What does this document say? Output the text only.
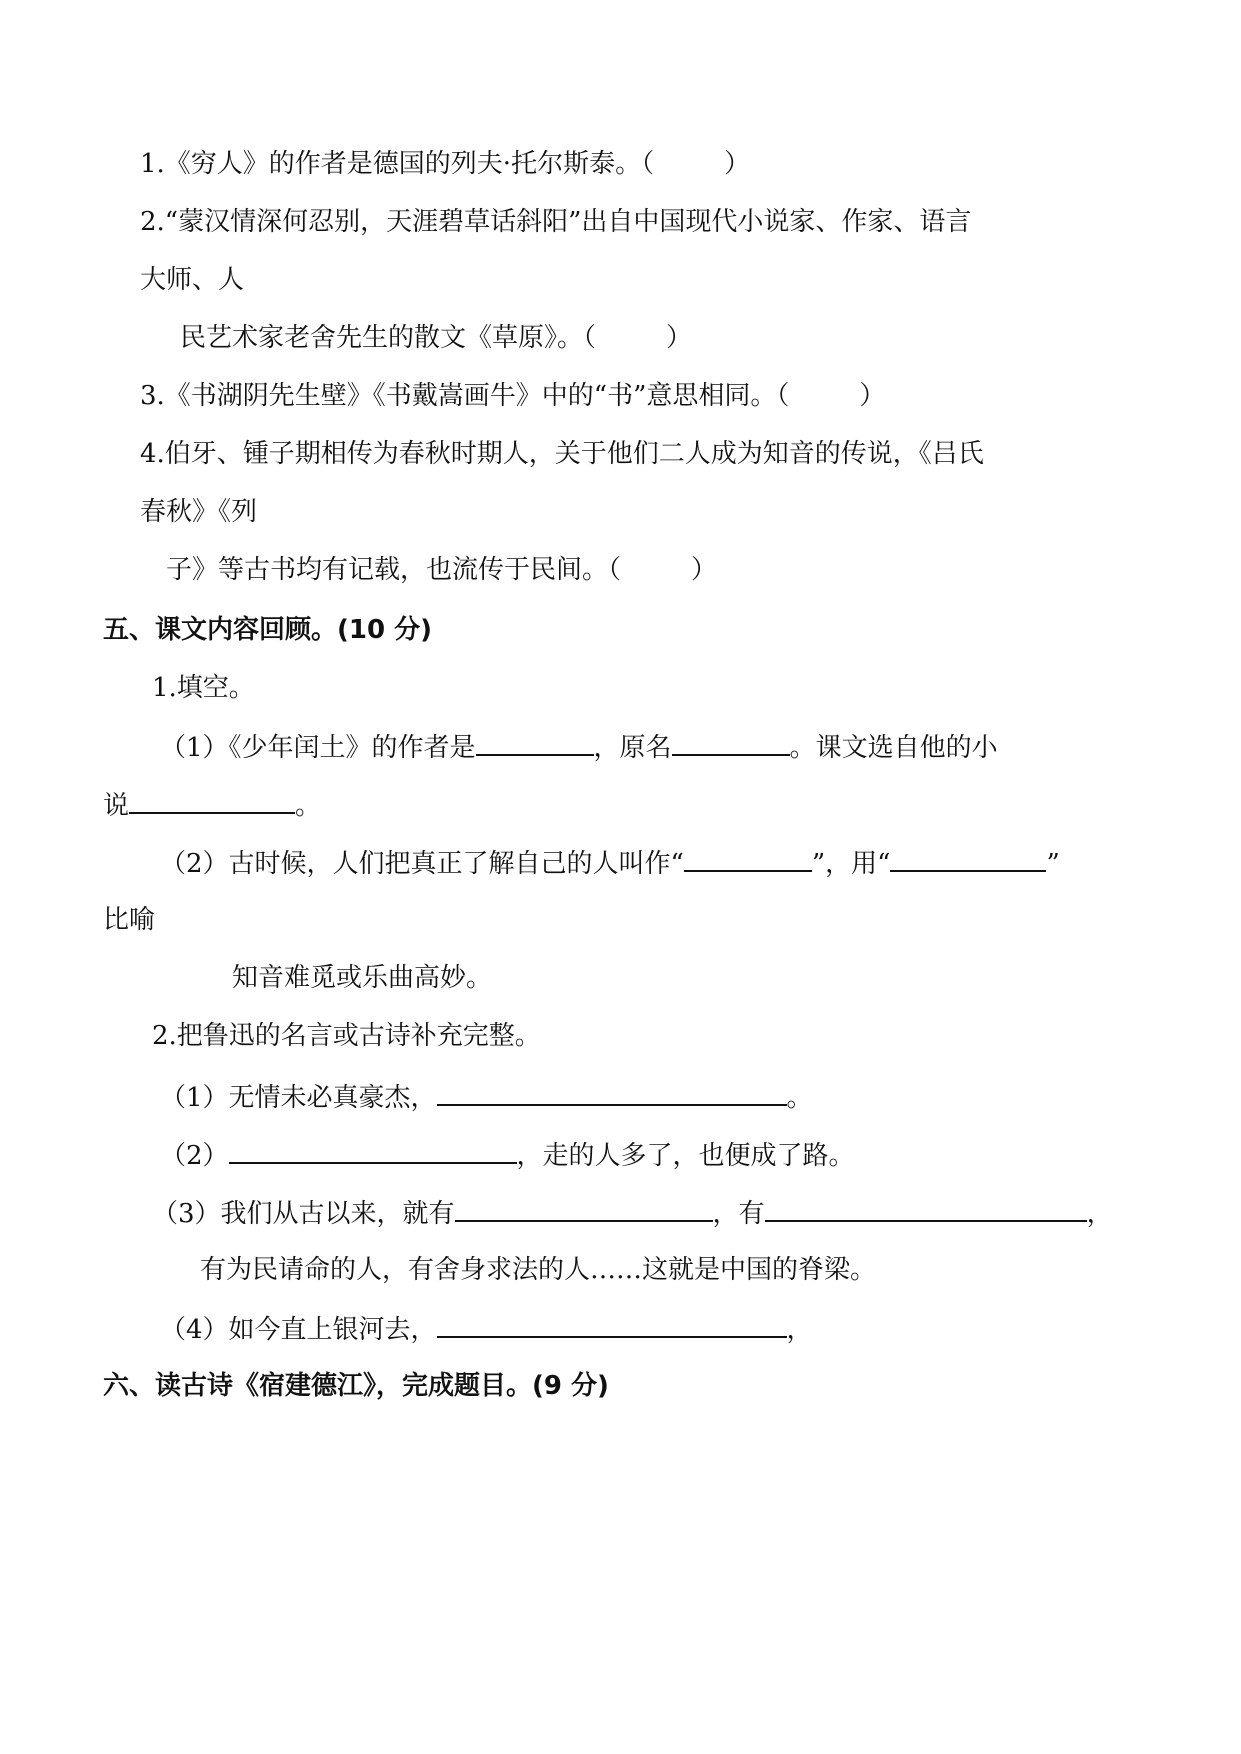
1.《穷人》的作者是德国的列夫·托尔斯泰。（	）
2.“蒙汉情深何忍别，天涯碧草话斜阳”出自中国现代小说家、作家、语言
大师、人
民艺术家老舍先生的散文《草原》。（	）
3.《书湖阴先生壁》《书戴嵩画牛》中的“书”意思相同。（	）
4.伯牙、锺子期相传为春秋时期人，关于他们二人成为知音的传说，《吕氏
春秋》《列
子》等古书均有记载，也流传于民间。（	）
五、课文内容回顾。(10 分)
1.填空。
（1）《少年闰土》的作者是	，原名	。课文选自他的小
说	。
（2）古时候，人们把真正了解自己的人叫作“	”，用“	”
比喻
知音难觅或乐曲高妙。
2.把鲁迅的名言或古诗补充完整。
（1）无情未必真豪杰，	。
（2）	，走的人多了，也便成了路。
（3）我们从古以来，就有	，有	，
有为民请命的人，有舍身求法的人……这就是中国的脊梁。
（4）如今直上银河去，	，
六、读古诗《宿建德江》，完成题目。(9 分)
